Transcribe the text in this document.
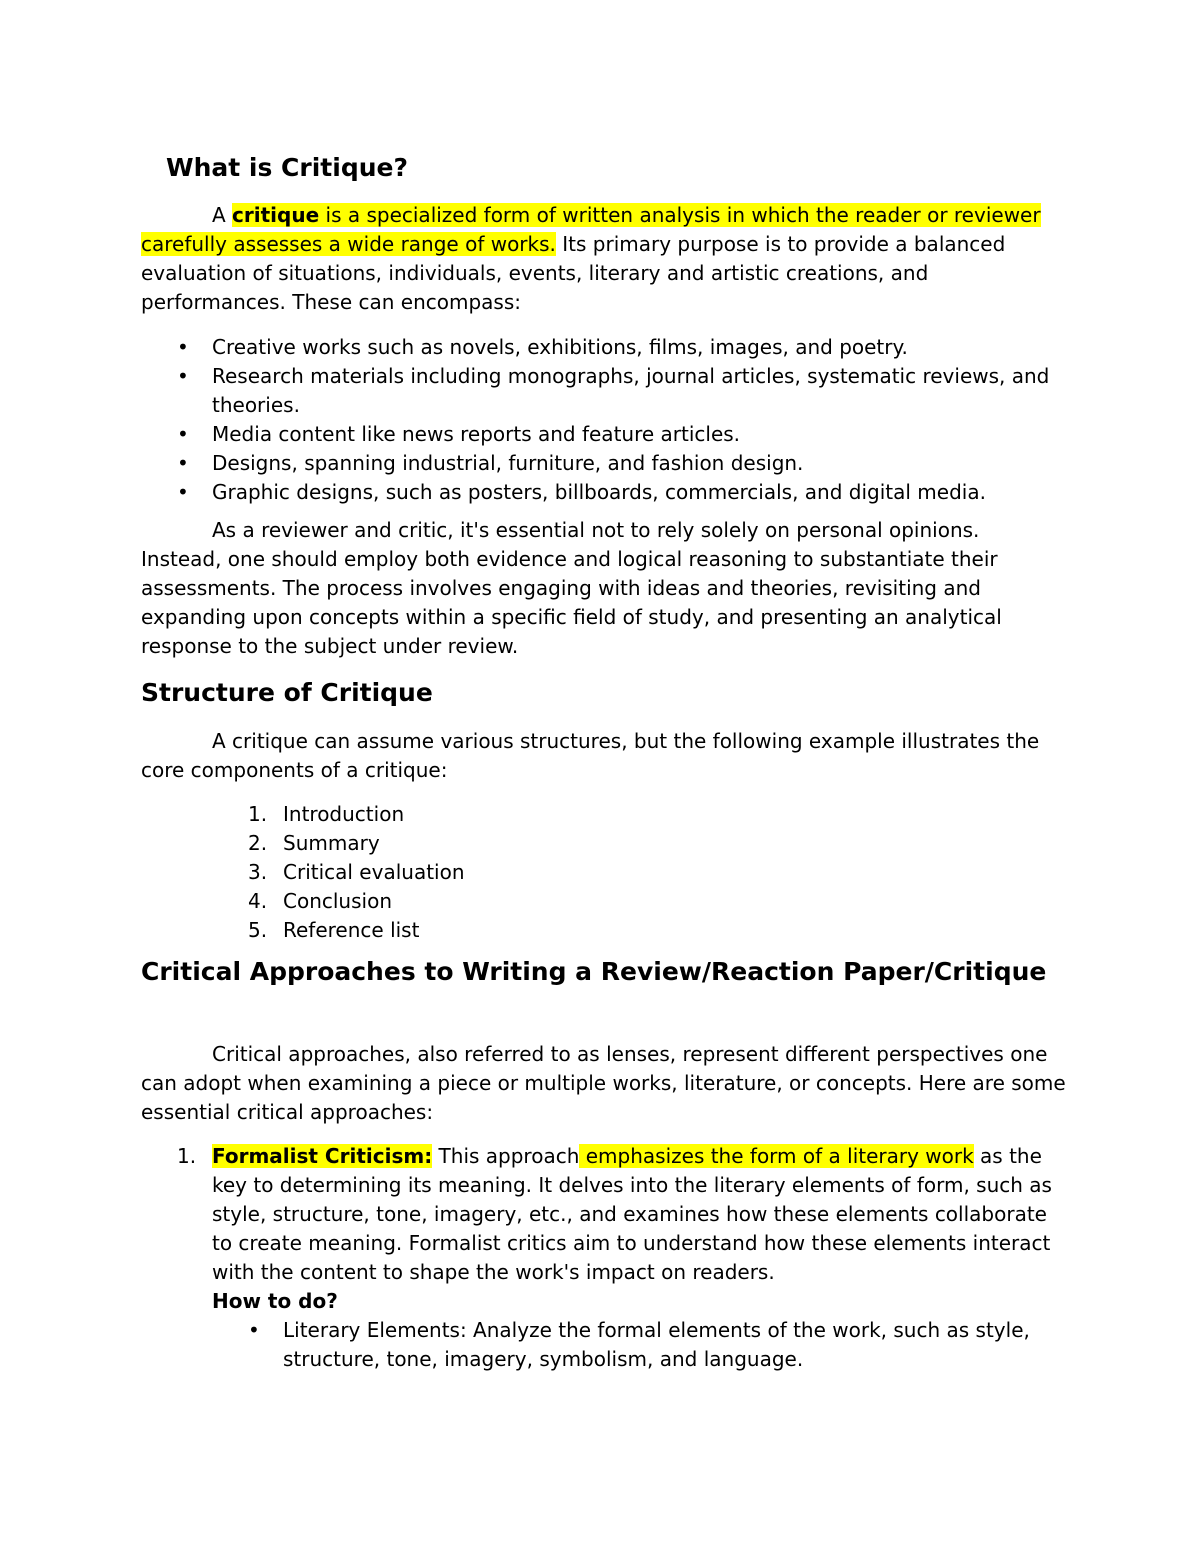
What is Critique?

A critique is a specialized form of written analysis in which the reader or reviewer carefully assesses a wide range of works. Its primary purpose is to provide a balanced evaluation of situations, individuals, events, literary and artistic creations, and performances. These can encompass:

• Creative works such as novels, exhibitions, films, images, and poetry.
• Research materials including monographs, journal articles, systematic reviews, and theories.
• Media content like news reports and feature articles.
• Designs, spanning industrial, furniture, and fashion design.
• Graphic designs, such as posters, billboards, commercials, and digital media.

As a reviewer and critic, it's essential not to rely solely on personal opinions. Instead, one should employ both evidence and logical reasoning to substantiate their assessments. The process involves engaging with ideas and theories, revisiting and expanding upon concepts within a specific field of study, and presenting an analytical response to the subject under review.

Structure of Critique

A critique can assume various structures, but the following example illustrates the core components of a critique:

1. Introduction
2. Summary
3. Critical evaluation
4. Conclusion
5. Reference list
Critical Approaches to Writing a Review/Reaction Paper/Critique

Critical approaches, also referred to as lenses, represent different perspectives one can adopt when examining a piece or multiple works, literature, or concepts. Here are some essential critical approaches:

1. Formalist Criticism: This approach emphasizes the form of a literary work as the key to determining its meaning. It delves into the literary elements of form, such as style, structure, tone, imagery, etc., and examines how these elements collaborate to create meaning. Formalist critics aim to understand how these elements interact with the content to shape the work's impact on readers.
How to do?
• Literary Elements: Analyze the formal elements of the work, such as style, structure, tone, imagery, symbolism, and language.
